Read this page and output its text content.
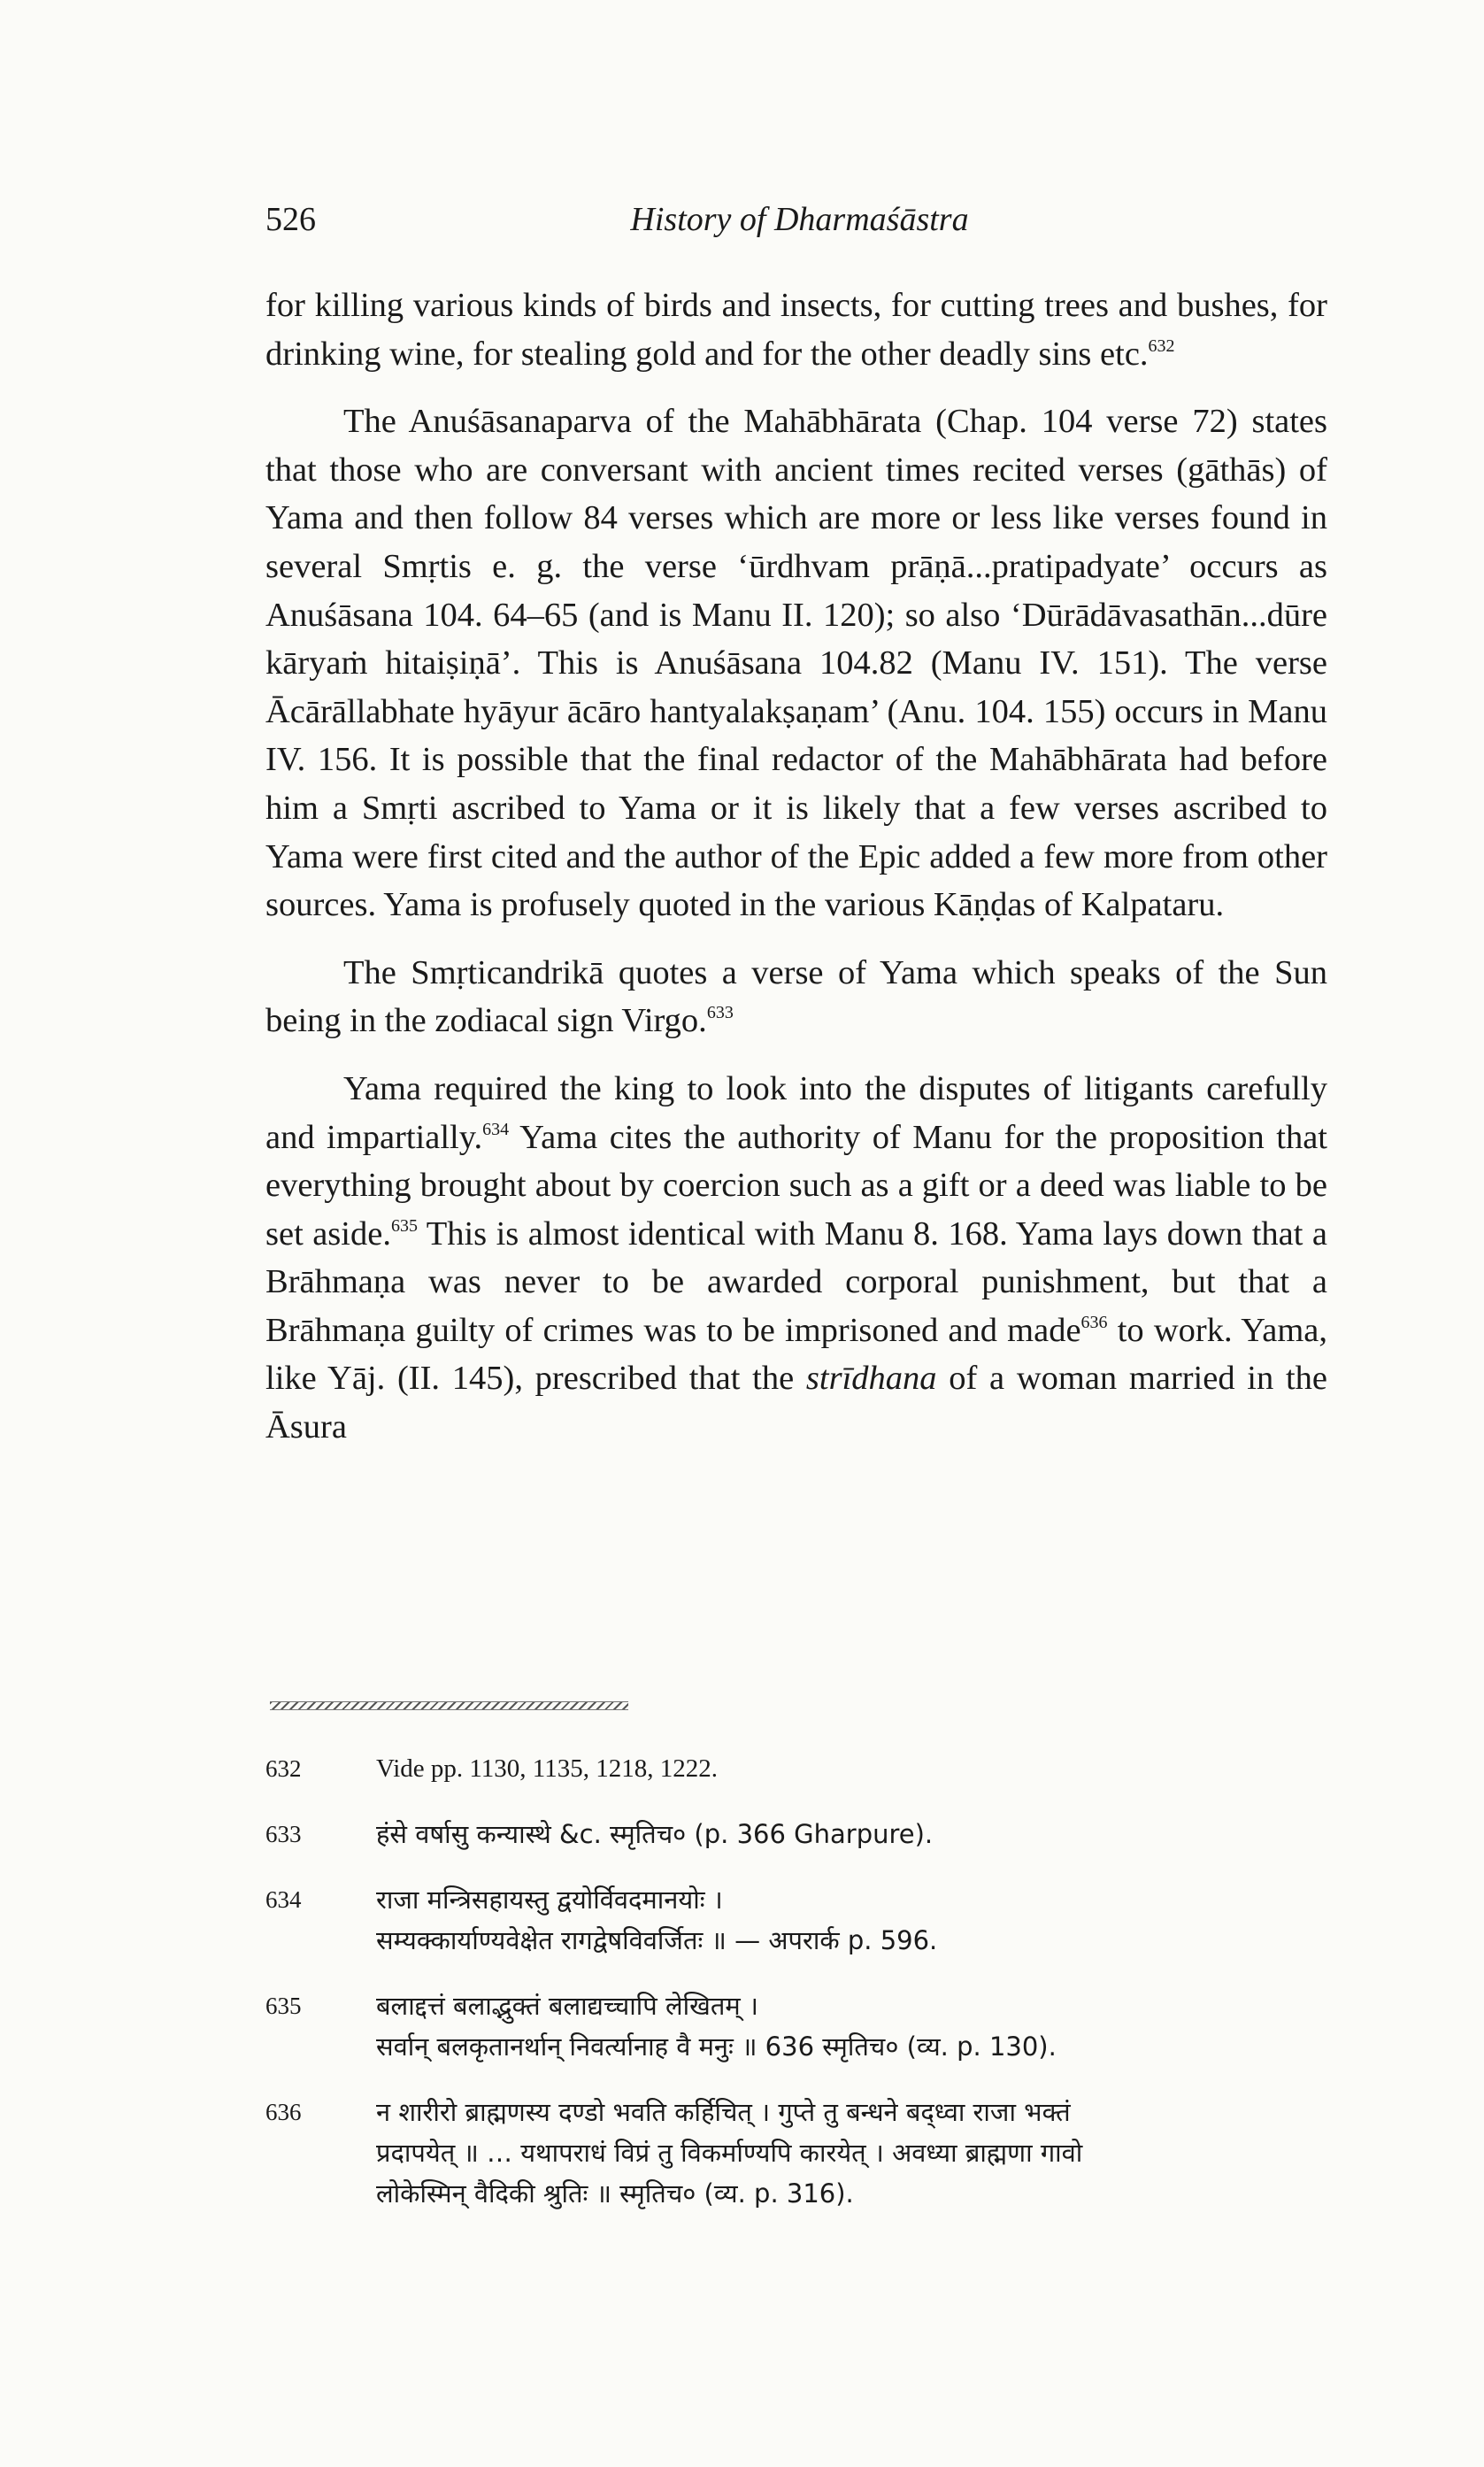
526	History of Dharmaśāstra

for killing various kinds of birds and insects, for cutting trees and bushes, for drinking wine, for stealing gold and for the other deadly sins etc.$^{632}$

The Anuśāsanaparva of the Mahābhārata (Chap. 104 verse 72) states that those who are conversant with ancient times recited verses (gāthās) of Yama and then follow 84 verses which are more or less like verses found in several Smṛtis e. g. the verse ‘ūrdhvam prāṇā...pratipadyate’ occurs as Anuśāsana 104. 64–65 (and is Manu II. 120); so also ‘Dūrādāvasathān...dūre kāryaṁ hitaiṣiṇā’. This is Anuśāsana 104.82 (Manu IV. 151). The verse Ācārāllabhate hyāyur ācāro hantyalakṣaṇam’ (Anu. 104. 155) occurs in Manu IV. 156. It is possible that the final redactor of the Mahābhārata had before him a Smṛti ascribed to Yama or it is likely that a few verses ascribed to Yama were first cited and the author of the Epic added a few more from other sources. Yama is profusely quoted in the various Kāṇḍas of Kalpataru.

The Smṛticandrikā quotes a verse of Yama which speaks of the Sun being in the zodiacal sign Virgo.$^{633}$

Yama required the king to look into the disputes of litigants carefully and impartially.$^{634}$ Yama cites the authority of Manu for the proposition that everything brought about by coercion such as a gift or a deed was liable to be set aside.$^{635}$ This is almost identical with Manu 8. 168. Yama lays down that a Brāhmaṇa was never to be awarded corporal punishment, but that a Brāhmaṇa guilty of crimes was to be imprisoned and made$^{636}$ to work. Yama, like Yāj. (II. 145), prescribed that the strīdhana of a woman married in the Āsura

632	Vide pp. 1130, 1135, 1218, 1222.
633	हंसे वर्षासु कन्यास्थे &c. स्मृतिच० (p. 366 Gharpure).
634	राजा मन्त्रिसहायस्तु द्वयोर्विवदमानयोः ।
सम्यक्कार्याण्यवेक्षेत रागद्वेषविवर्जितः ॥ — अपरार्क p. 596.
635	बलाद्दत्तं बलाद्भुक्तं बलाद्यच्चापि लेखितम् ।
सर्वान् बलकृतानर्थान् निवर्त्यानाह वै मनुः ॥ 636 स्मृतिच० (व्य. p. 130).
636	न शारीरो ब्राह्मणस्य दण्डो भवति कर्हिचित् । गुप्ते तु बन्धने बद्ध्वा राजा भक्तं
प्रदापयेत् ॥ … यथापराधं विप्रं तु विकर्माण्यपि कारयेत् । अवध्या ब्राह्मणा गावो
लोकेस्मिन् वैदिकी श्रुतिः ॥ स्मृतिच० (व्य. p. 316).
